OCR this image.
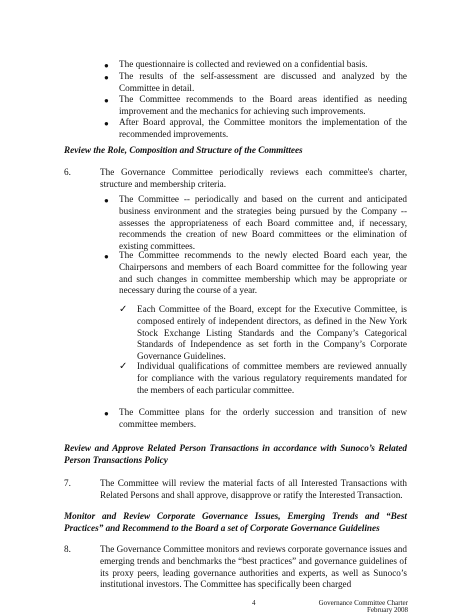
● The questionnaire is collected and reviewed on a confidential basis.

● The results of the self-assessment are discussed and analyzed by the Committee in detail.

● The Committee recommends to the Board areas identified as needing improvement and the mechanics for achieving such improvements.

● After Board approval, the Committee monitors the implementation of the recommended improvements.

Review the Role, Composition and Structure of the Committees

6.	The Governance Committee periodically reviews each committee's charter, structure and membership criteria.

● The Committee -- periodically and based on the current and anticipated business environment and the strategies being pursued by the Company -- assesses the appropriateness of each Board committee and, if necessary, recommends the creation of new Board committees or the elimination of existing committees.

● The Committee recommends to the newly elected Board each year, the Chairpersons and members of each Board committee for the following year and such changes in committee membership which may be appropriate or necessary during the course of a year.

✓ Each Committee of the Board, except for the Executive Committee, is composed entirely of independent directors, as defined in the New York Stock Exchange Listing Standards and the Company’s Categorical Standards of Independence as set forth in the Company’s Corporate Governance Guidelines.

✓ Individual qualifications of committee members are reviewed annually for compliance with the various regulatory requirements mandated for the members of each particular committee.

● The Committee plans for the orderly succession and transition of new committee members.

Review and Approve Related Person Transactions in accordance with Sunoco’s Related Person Transactions Policy

7.	The Committee will review the material facts of all Interested Transactions with Related Persons and shall approve, disapprove or ratify the Interested Transaction.

Monitor and Review Corporate Governance Issues, Emerging Trends and “Best Practices” and Recommend to the Board a set of Corporate Governance Guidelines

8.	The Governance Committee monitors and reviews corporate governance issues and emerging trends and benchmarks the “best practices” and governance guidelines of its proxy peers, leading governance authorities and experts, as well as Sunoco’s institutional investors. The Committee has specifically been charged

4	Governance Committee Charter
February 2008
